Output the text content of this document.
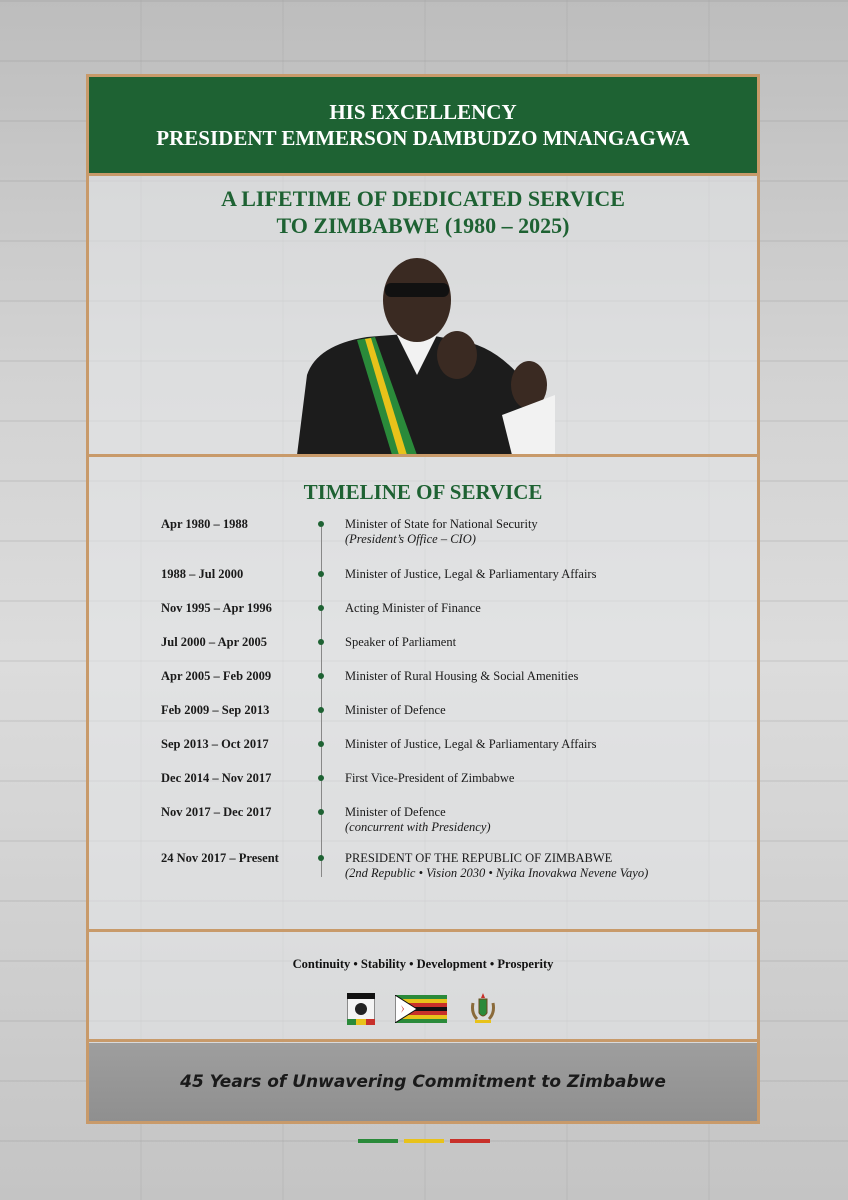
HIS EXCELLENCY
PRESIDENT EMMERSON DAMBUDZO MNANGAGWA
A LIFETIME OF DEDICATED SERVICE
TO ZIMBABWE (1980 – 2025)
TIMELINE OF SERVICE
Apr 1980 – 1988	Minister of State for National Security
(President’s Office – CIO)
1988 – Jul 2000	Minister of Justice, Legal & Parliamentary Affairs
Nov 1995 – Apr 1996	Acting Minister of Finance
Jul 2000 – Apr 2005	Speaker of Parliament
Apr 2005 – Feb 2009	Minister of Rural Housing & Social Amenities
Feb 2009 – Sep 2013	Minister of Defence
Sep 2013 – Oct 2017	Minister of Justice, Legal & Parliamentary Affairs
Dec 2014 – Nov 2017	First Vice-President of Zimbabwe
Nov 2017 – Dec 2017	Minister of Defence
(concurrent with Presidency)
24 Nov 2017 – Present	PRESIDENT OF THE REPUBLIC OF ZIMBABWE
(2nd Republic • Vision 2030 • Nyika Inovakwa Nevene Vayo)
Continuity • Stability • Development • Prosperity
45 Years of Unwavering Commitment to Zimbabwe
